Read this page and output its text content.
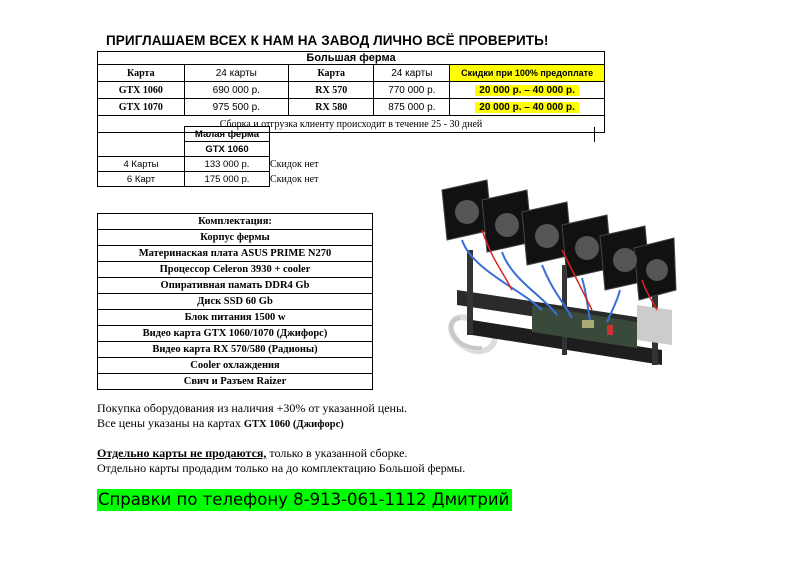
ПРИГЛАШАЕМ ВСЕХ К НАМ НА ЗАВОД ЛИЧНО ВСЁ ПРОВЕРИТЬ!
Большая ферма				
Карта	24 карты	Карта	24 карты	Скидки при 100% предоплате
GTX 1060	690 000 р.	RX 570	770 000 р.	20 000 р. – 40 000 р.
GTX 1070	975 500 р.	RX 580	875 000 р.	20 000 р. – 40 000 р.
Сборка и отгрузка клиенту происходит в течение 25 - 30 дней				
	Малая ферма	
	GTX 1060	
4 Карты	133 000 р.	Скидок нет
6 Карт	175 000 р.	Скидок нет
Комплектация:
Корпус фермы
Материнаская плата ASUS PRIME N270
Процессор Celeron 3930 + cooler
Опиративная памать DDR4 Gb
Диск SSD 60 Gb
Блок питания 1500 w
Видео карта GTX 1060/1070 (Джифорс)
Видео карта RX 570/580 (Радионы)
Cooler охлаждения
Свич и Разъем Raizer
Покупка оборудования из наличия +30% от указанной цены.
Все цены указаны на картах GTX 1060 (Джифорс)
Отдельно карты не продаются, только в указанной сборке.
Отдельно карты продадим только на до комплектацию Большой фермы.
Справки по телефону 8-913-061-1112 Дмитрий
